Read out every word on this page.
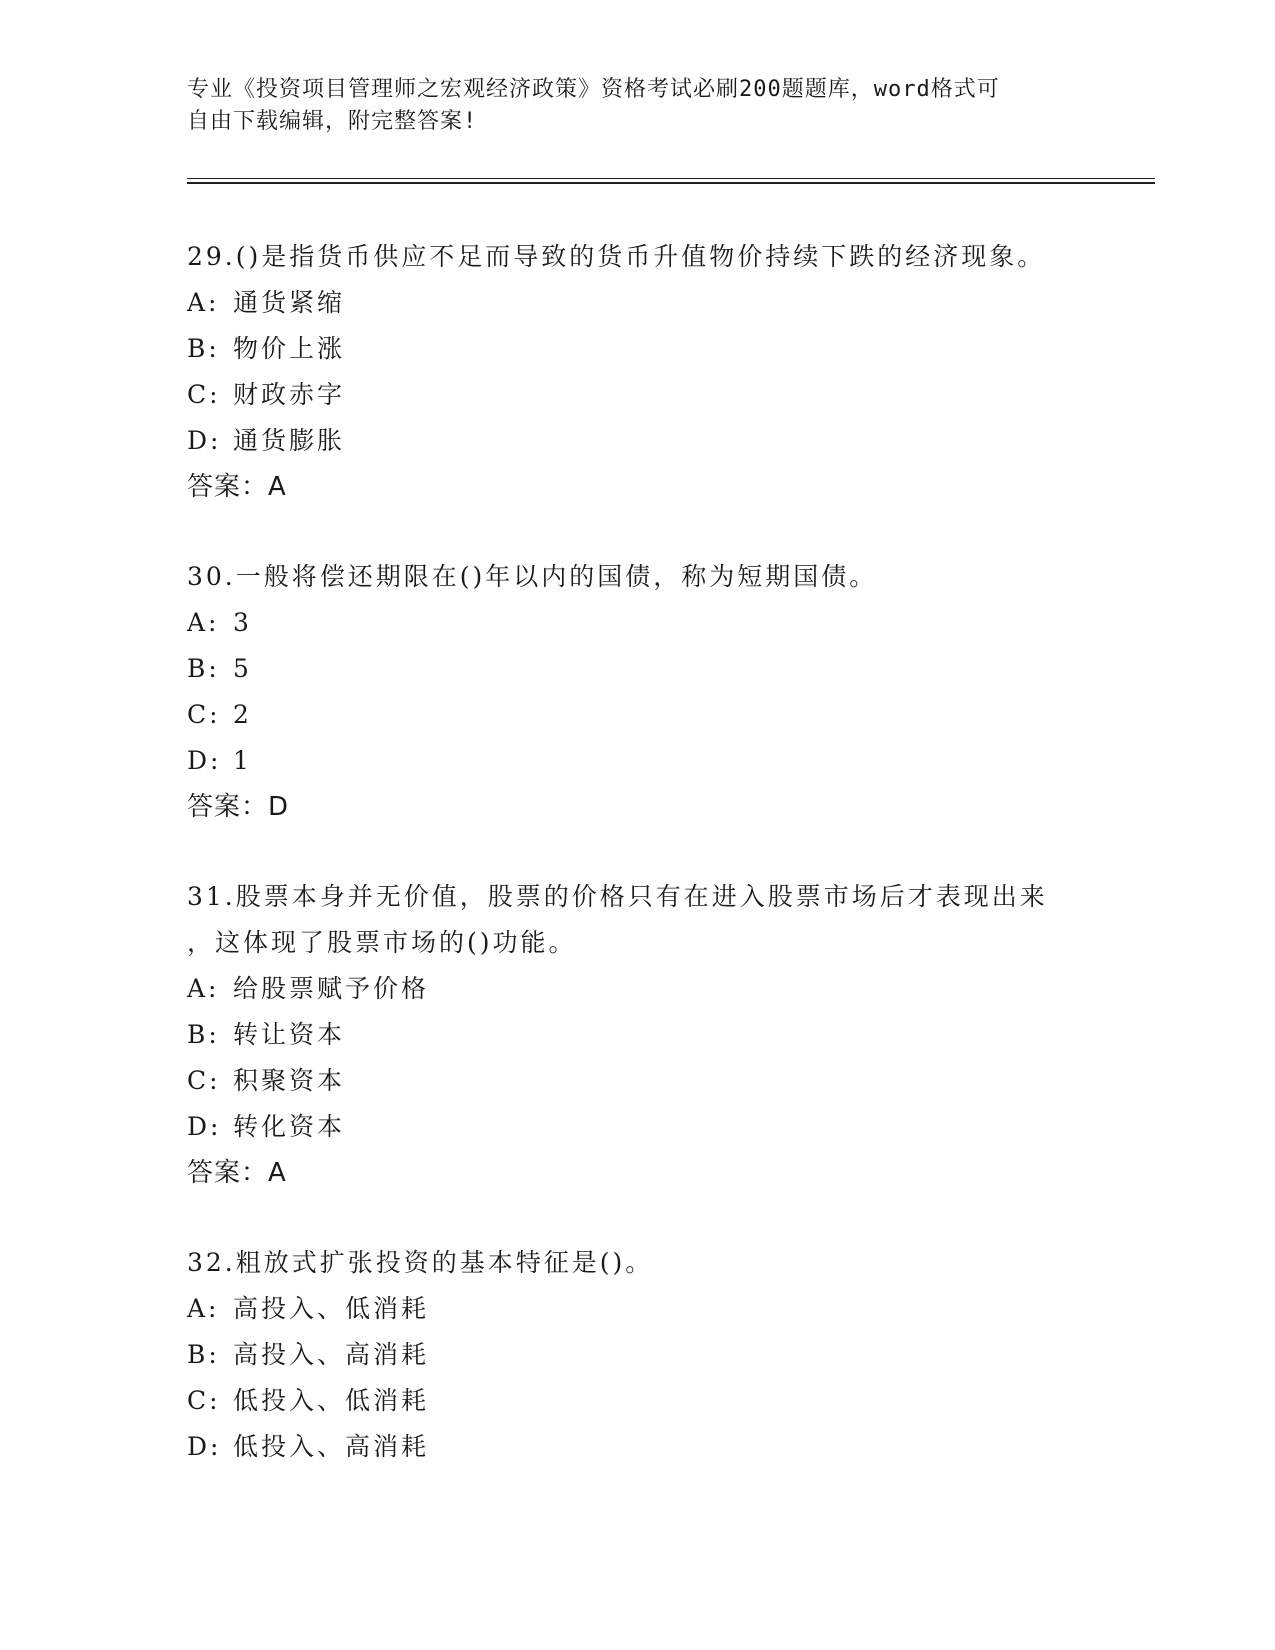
专业《投资项目管理师之宏观经济政策》资格考试必刷200题题库，word格式可
自由下载编辑，附完整答案!

29.()是指货币供应不足而导致的货币升值物价持续下跌的经济现象。

A: 通货紧缩

B: 物价上涨

C: 财政赤字

D: 通货膨胀

答案：A

30.一般将偿还期限在()年以内的国债，称为短期国债。

A: 3

B: 5

C: 2

D: 1

答案：D

31.股票本身并无价值，股票的价格只有在进入股票市场后才表现出来

，这体现了股票市场的()功能。

A: 给股票赋予价格

B: 转让资本

C: 积聚资本

D: 转化资本

答案：A

32.粗放式扩张投资的基本特征是()。

A: 高投入、低消耗

B: 高投入、高消耗

C: 低投入、低消耗

D: 低投入、高消耗
